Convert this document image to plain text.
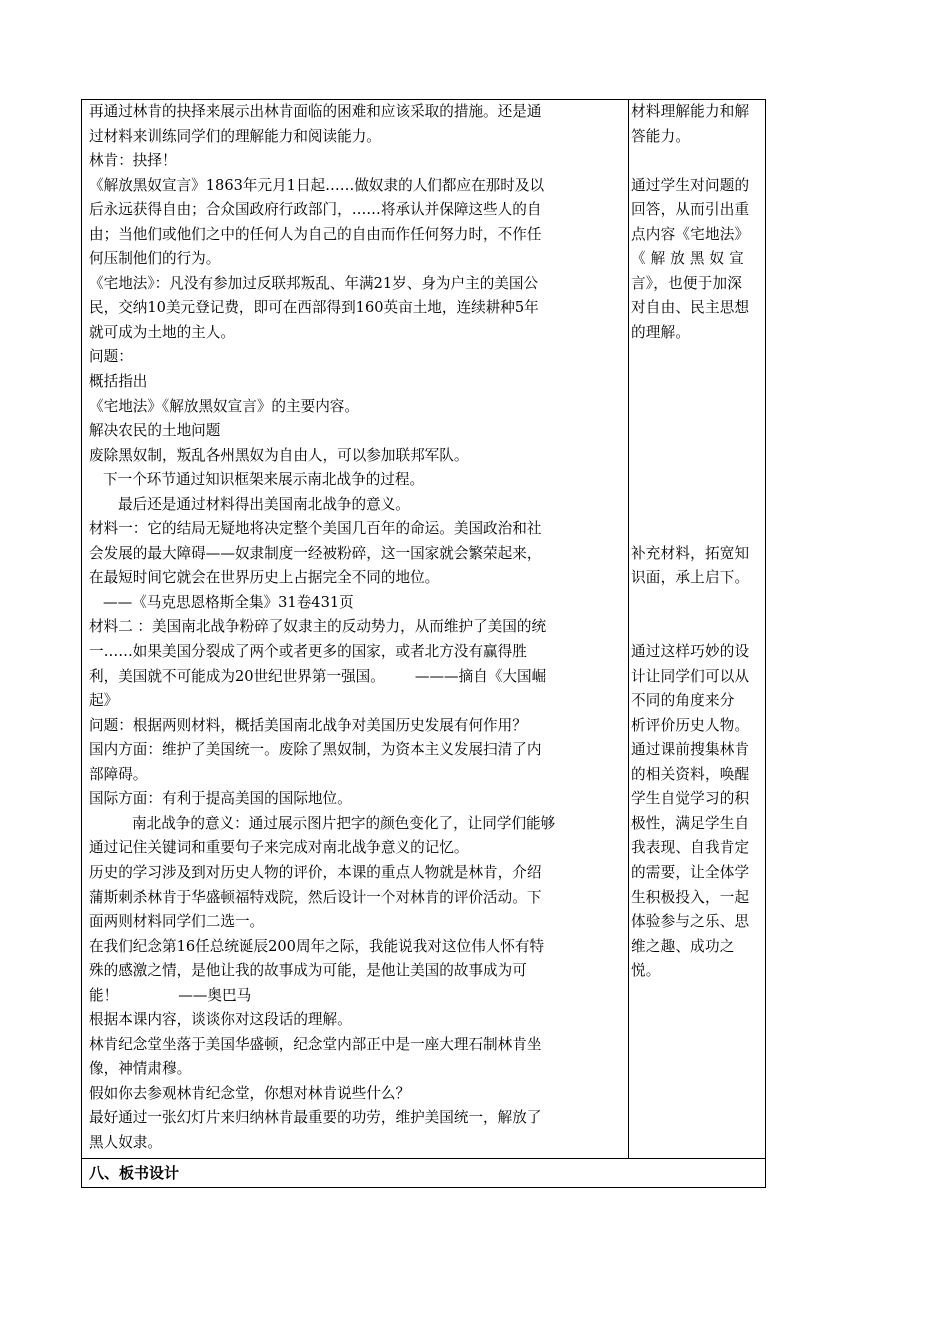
再通过林肯的抉择来展示出林肯面临的困难和应该采取的措施。还是通
过材料来训练同学们的理解能力和阅读能力。
林肯：抉择！
《解放黑奴宣言》1863年元月1日起……做奴隶的人们都应在那时及以
后永远获得自由；合众国政府行政部门，……将承认并保障这些人的自
由；当他们或他们之中的任何人为自己的自由而作任何努力时，不作任
何压制他们的行为。
《宅地法》：凡没有参加过反联邦叛乱、年满21岁、身为户主的美国公
民，交纳10美元登记费，即可在西部得到160英亩土地，连续耕种5年
就可成为土地的主人。
问题：
概括指出
《宅地法》《解放黑奴宣言》的主要内容。
解决农民的土地问题
废除黑奴制，叛乱各州黑奴为自由人，可以参加联邦军队。
下一个环节通过知识框架来展示南北战争的过程。
最后还是通过材料得出美国南北战争的意义。
材料一：它的结局无疑地将决定整个美国几百年的命运。美国政治和社
会发展的最大障碍——奴隶制度一经被粉碎，这一国家就会繁荣起来，
在最短时间它就会在世界历史上占据完全不同的地位。
——《马克思恩格斯全集》31卷431页
材料二 ：美国南北战争粉碎了奴隶主的反动势力，从而维护了美国的统
一……如果美国分裂成了两个或者更多的国家，或者北方没有赢得胜
利，美国就不可能成为20世纪世界第一强国。 ———摘自《大国崛
起》
问题：根据两则材料，概括美国南北战争对美国历史发展有何作用？
国内方面：维护了美国统一。废除了黑奴制，为资本主义发展扫清了内
部障碍。
国际方面：有利于提高美国的国际地位。
南北战争的意义：通过展示图片把字的颜色变化了，让同学们能够
通过记住关键词和重要句子来完成对南北战争意义的记忆。
历史的学习涉及到对历史人物的评价，本课的重点人物就是林肯，介绍
蒲斯刺杀林肯于华盛顿福特戏院，然后设计一个对林肯的评价活动。下
面两则材料同学们二选一。
在我们纪念第16任总统诞辰200周年之际，我能说我对这位伟人怀有特
殊的感激之情，是他让我的故事成为可能，是他让美国的故事成为可
能！	——奥巴马
根据本课内容，谈谈你对这段话的理解。
林肯纪念堂坐落于美国华盛顿，纪念堂内部正中是一座大理石制林肯坐
像，神情肃穆。
假如你去参观林肯纪念堂，你想对林肯说些什么？
最好通过一张幻灯片来归纳林肯最重要的功劳，维护美国统一，解放了
黑人奴隶。
材料理解能力和解
答能力。
通过学生对问题的
回答，从而引出重
点内容《宅地法》
《 解 放 黑 奴 宣
言》，也便于加深
对自由、民主思想
的理解。
补充材料，拓宽知
识面，承上启下。
通过这样巧妙的设
计让同学们可以从
不同的角度来分
析评价历史人物。
通过课前搜集林肯
的相关资料，唤醒
学生自觉学习的积
极性，满足学生自
我表现、自我肯定
的需要，让全体学
生积极投入，一起
体验参与之乐、思
维之趣、成功之
悦。
八、板书设计
